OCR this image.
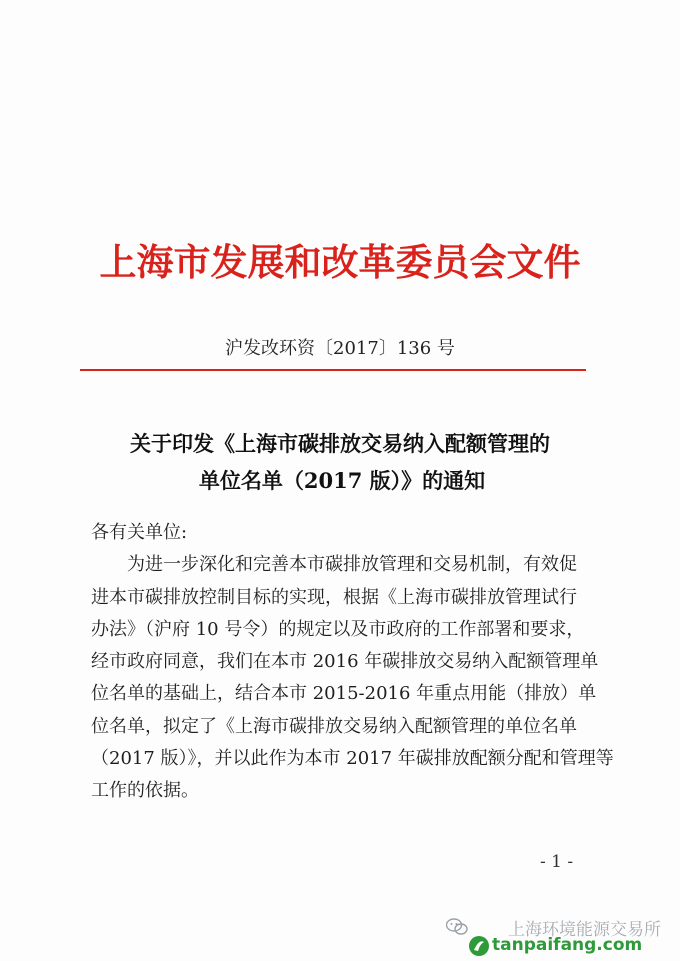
上海市发展和改革委员会文件
沪发改环资〔2017〕136 号
关于印发《上海市碳排放交易纳入配额管理的
单位名单（2017 版）》的通知
各有关单位:
为进一步深化和完善本市碳排放管理和交易机制，有效促
进本市碳排放控制目标的实现，根据《上海市碳排放管理试行
办法》（沪府 10 号令）的规定以及市政府的工作部署和要求，
经市政府同意，我们在本市 2016 年碳排放交易纳入配额管理单
位名单的基础上，结合本市 2015-2016 年重点用能（排放）单
位名单，拟定了《上海市碳排放交易纳入配额管理的单位名单
（2017 版）》，并以此作为本市 2017 年碳排放配额分配和管理等
工作的依据。
- 1 -
上海环境能源交易所
tanpaifang.com
